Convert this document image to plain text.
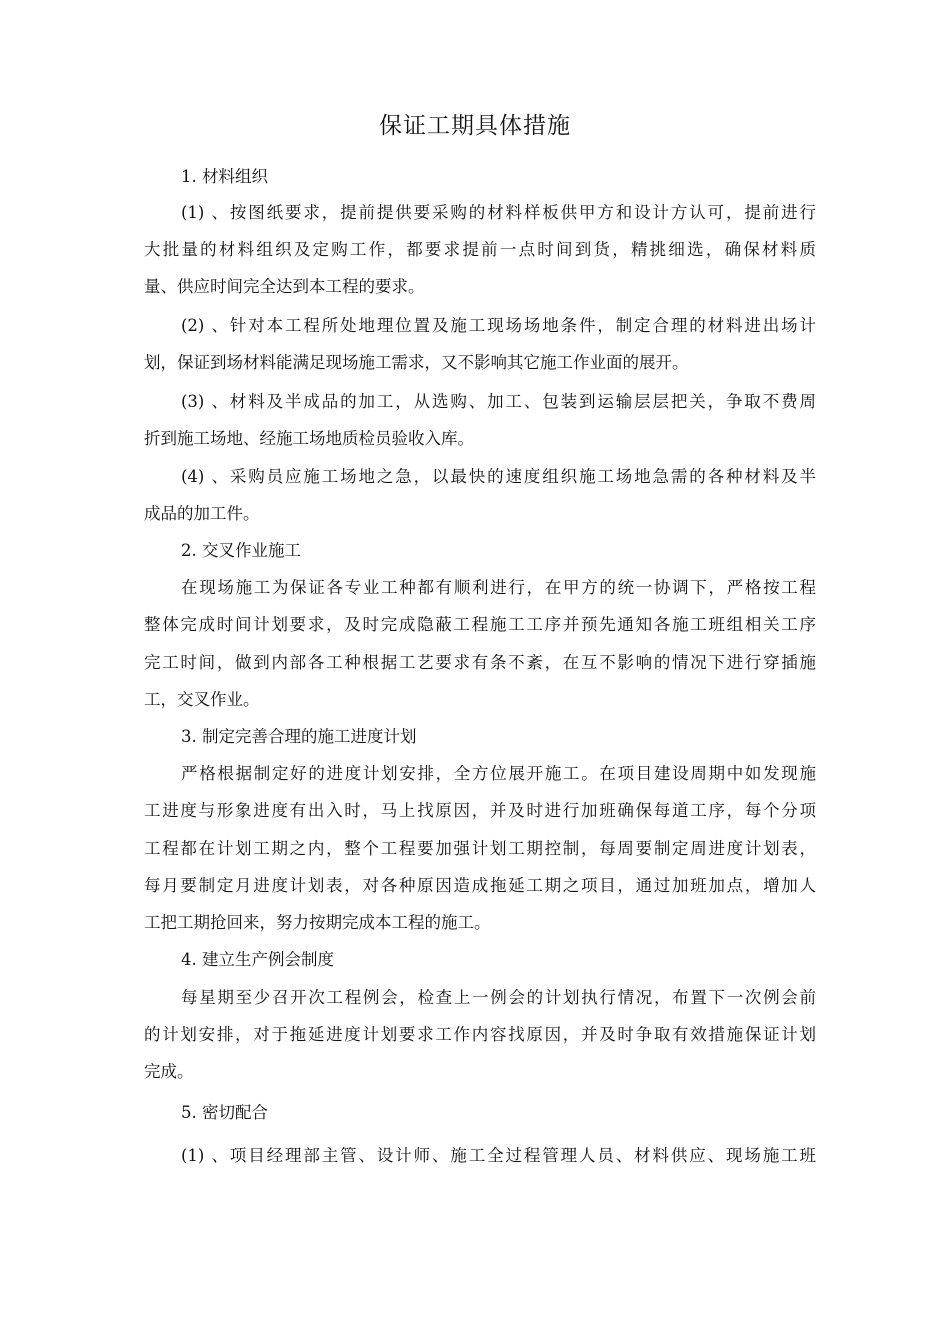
保证工期具体措施
1. 材料组织
(1) 、按图纸要求，提前提供要采购的材料样板供甲方和设计方认可，提前进行
大批量的材料组织及定购工作，都要求提前一点时间到货，精挑细选，确保材料质
量、供应时间完全达到本工程的要求。
(2) 、针对本工程所处地理位置及施工现场场地条件，制定合理的材料进出场计
划，保证到场材料能满足现场施工需求，又不影响其它施工作业面的展开。
(3) 、材料及半成品的加工，从选购、加工、包装到运输层层把关，争取不费周
折到施工场地、经施工场地质检员验收入库。
(4) 、采购员应施工场地之急，以最快的速度组织施工场地急需的各种材料及半
成品的加工件。
2. 交叉作业施工
在现场施工为保证各专业工种都有顺利进行，在甲方的统一协调下，严格按工程
整体完成时间计划要求，及时完成隐蔽工程施工工序并预先通知各施工班组相关工序
完工时间，做到内部各工种根据工艺要求有条不紊，在互不影响的情况下进行穿插施
工，交叉作业。
3. 制定完善合理的施工进度计划
严格根据制定好的进度计划安排，全方位展开施工。在项目建设周期中如发现施
工进度与形象进度有出入时，马上找原因，并及时进行加班确保每道工序，每个分项
工程都在计划工期之内，整个工程要加强计划工期控制，每周要制定周进度计划表，
每月要制定月进度计划表，对各种原因造成拖延工期之项目，通过加班加点，增加人
工把工期抢回来，努力按期完成本工程的施工。
4. 建立生产例会制度
每星期至少召开次工程例会，检查上一例会的计划执行情况，布置下一次例会前
的计划安排，对于拖延进度计划要求工作内容找原因，并及时争取有效措施保证计划
完成。
5. 密切配合
(1) 、项目经理部主管、设计师、施工全过程管理人员、材料供应、现场施工班
